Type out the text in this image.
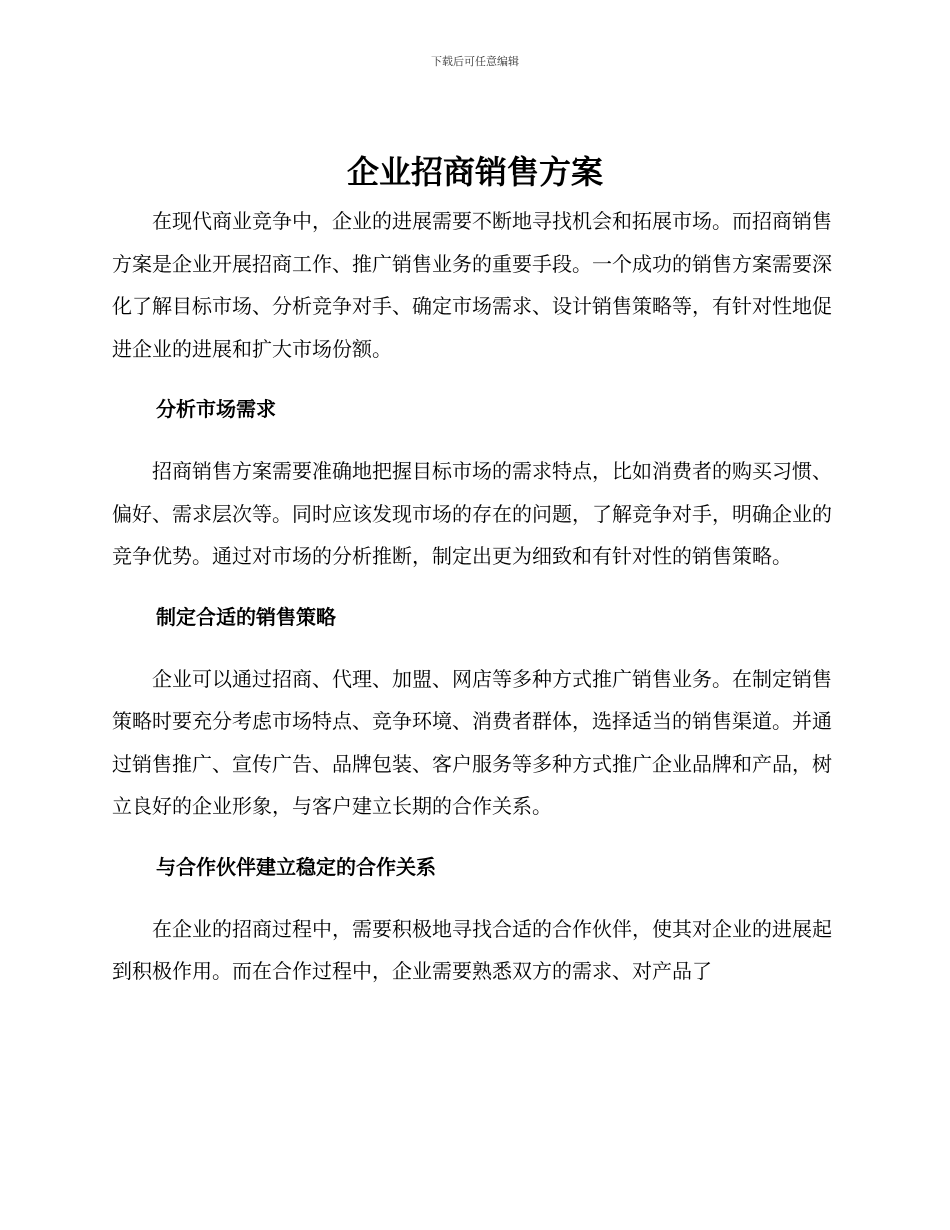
下载后可任意编辑
企业招商销售方案

在现代商业竞争中，企业的进展需要不断地寻找机会和拓展市场。而招商销售方案是企业开展招商工作、推广销售业务的重要手段。一个成功的销售方案需要深化了解目标市场、分析竞争对手、确定市场需求、设计销售策略等，有针对性地促进企业的进展和扩大市场份额。

分析市场需求

招商销售方案需要准确地把握目标市场的需求特点，比如消费者的购买习惯、偏好、需求层次等。同时应该发现市场的存在的问题，了解竞争对手，明确企业的竞争优势。通过对市场的分析推断，制定出更为细致和有针对性的销售策略。

制定合适的销售策略

企业可以通过招商、代理、加盟、网店等多种方式推广销售业务。在制定销售策略时要充分考虑市场特点、竞争环境、消费者群体，选择适当的销售渠道。并通过销售推广、宣传广告、品牌包装、客户服务等多种方式推广企业品牌和产品，树立良好的企业形象，与客户建立长期的合作关系。

与合作伙伴建立稳定的合作关系

在企业的招商过程中，需要积极地寻找合适的合作伙伴，使其对企业的进展起到积极作用。而在合作过程中，企业需要熟悉双方的需求、对产品了
